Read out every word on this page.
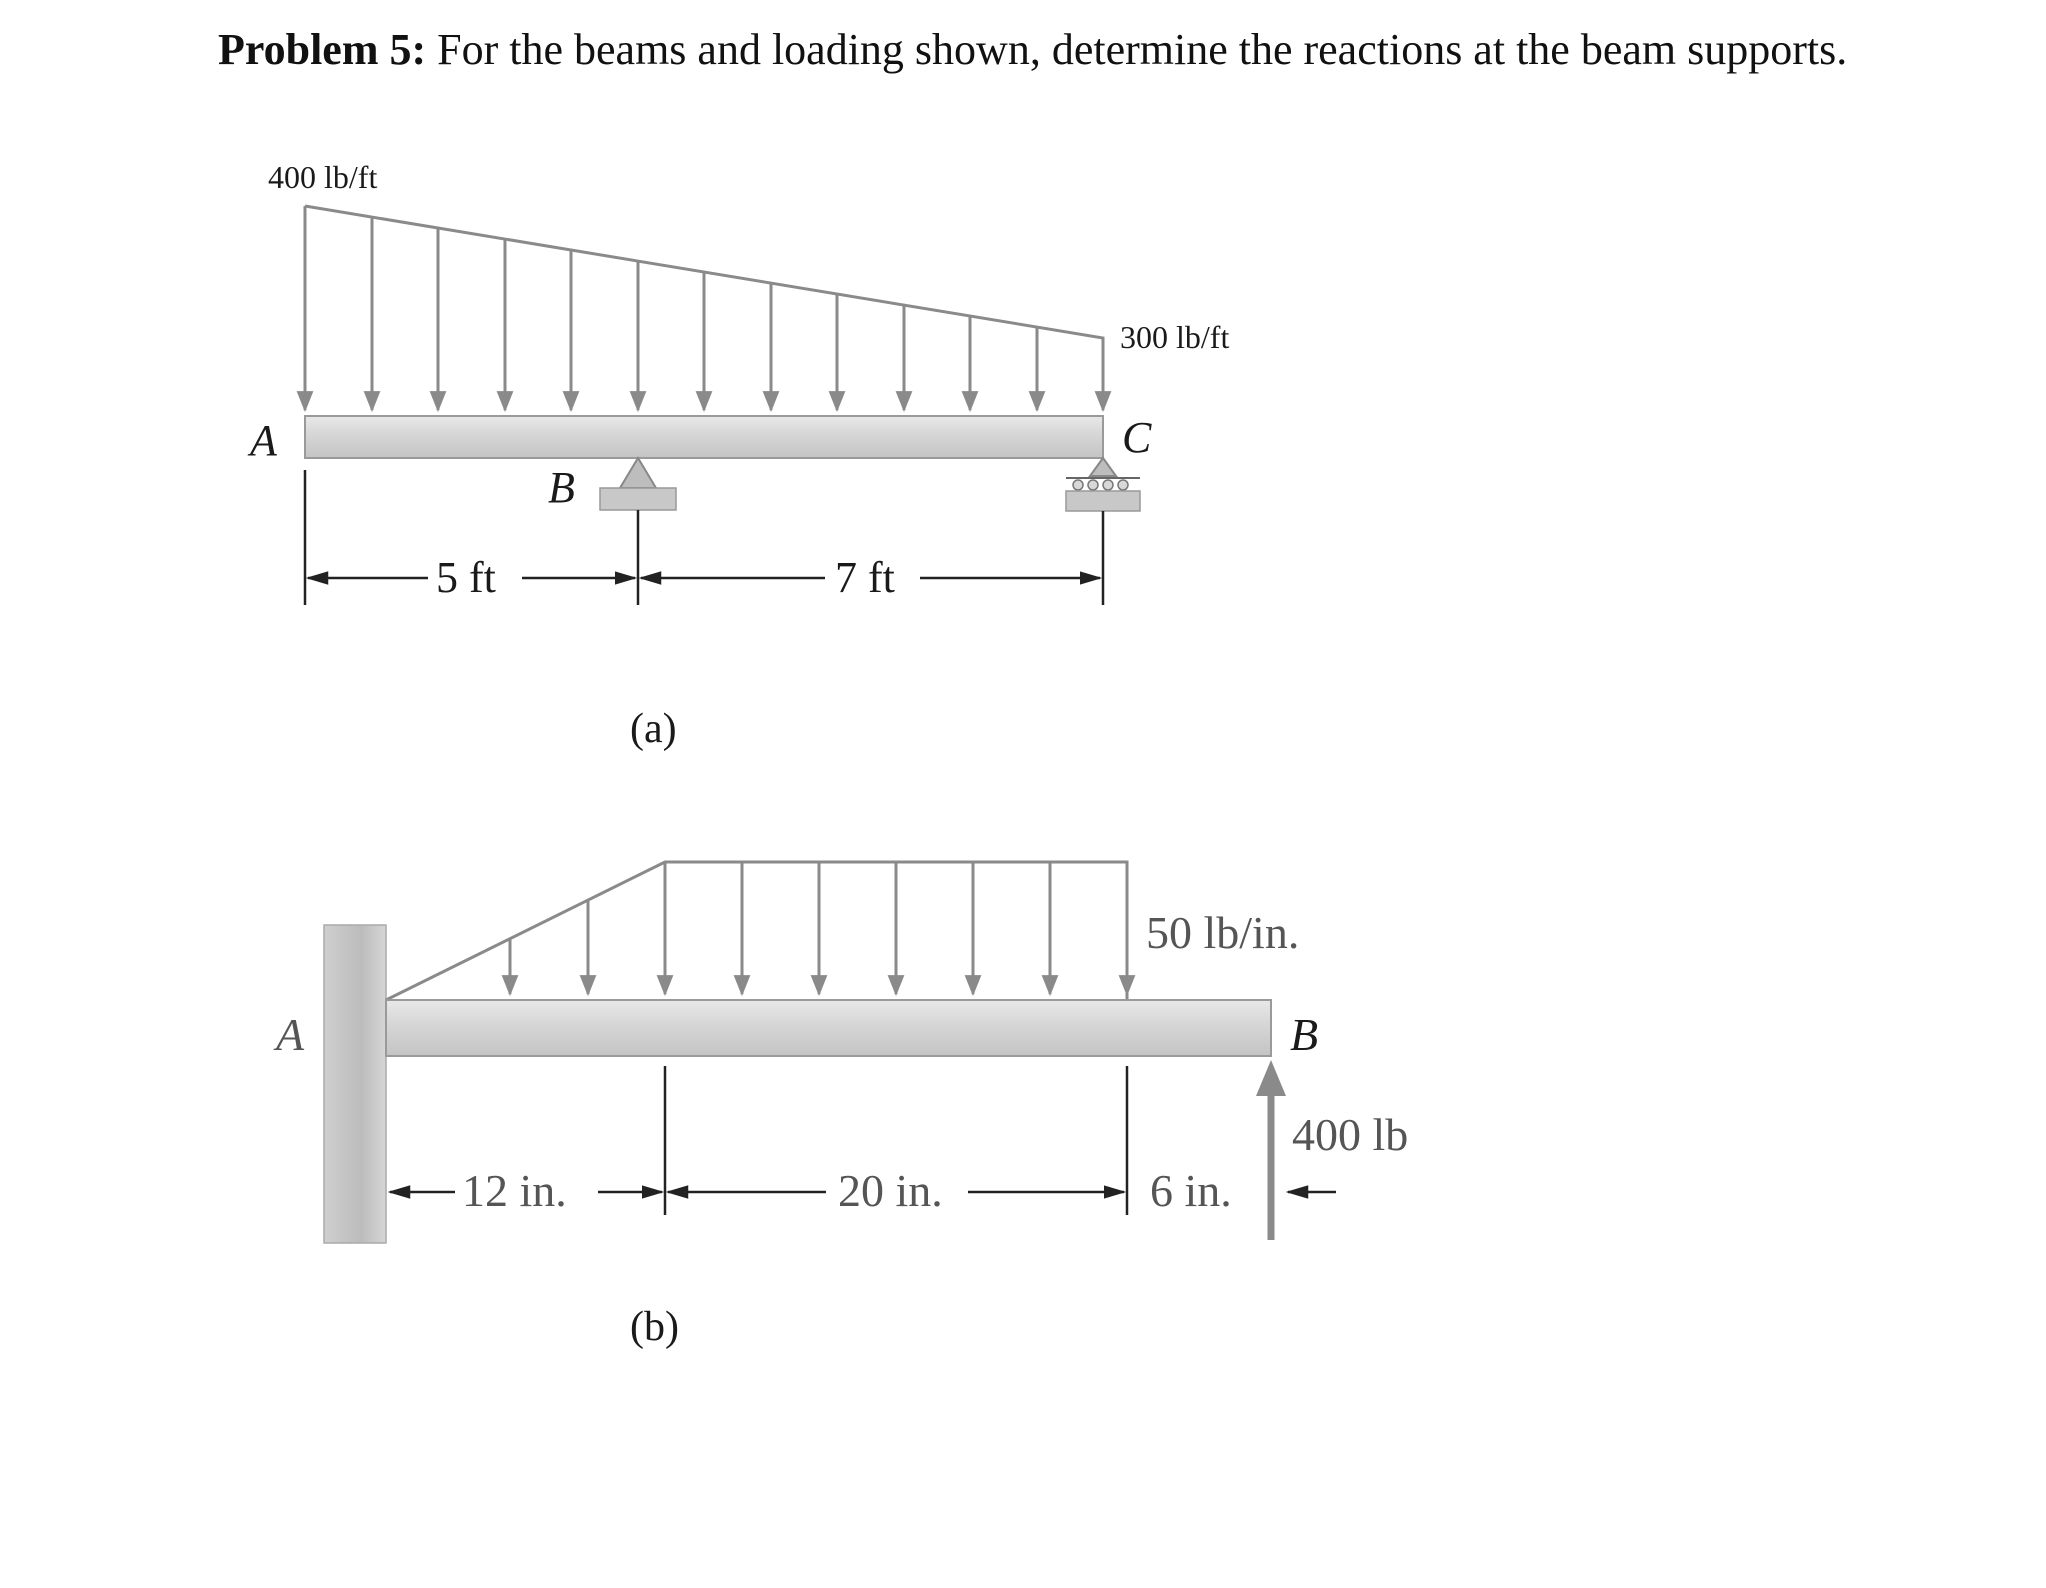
Problem 5: For the beams and loading shown, determine the reactions at the beam supports.
400 lb/ft
300 lb/ft
A
B
C
5 ft	7 ft
(a)
50 lb/in.
400 lb
A	B
12 in.	20 in.	6 in.
(b)
